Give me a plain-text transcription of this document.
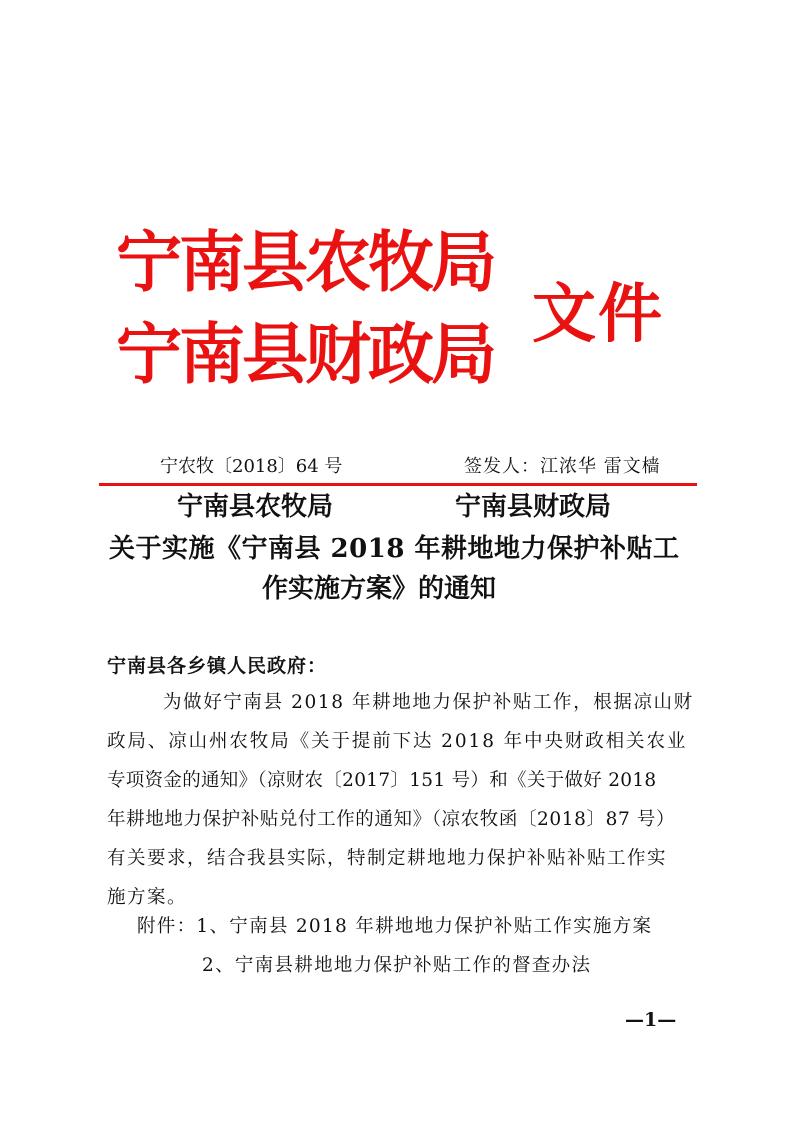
宁南县农牧局
宁南县财政局
文件
宁农牧〔2018〕64 号	签发人：江浓华 雷文樯
宁南县农牧局	宁南县财政局
关于实施《宁南县 2018 年耕地地力保护补贴工
作实施方案》的通知
宁南县各乡镇人民政府：
为做好宁南县 2018 年耕地地力保护补贴工作，根据凉山财
政局、凉山州农牧局《关于提前下达 2018 年中央财政相关农业
专项资金的通知》（凉财农〔2017〕151 号）和《关于做好 2018
年耕地地力保护补贴兑付工作的通知》（凉农牧函〔2018〕87 号）
有关要求，结合我县实际，特制定耕地地力保护补贴补贴工作实
施方案。
附件：1、宁南县 2018 年耕地地力保护补贴工作实施方案
2、宁南县耕地地力保护补贴工作的督查办法
—1—
